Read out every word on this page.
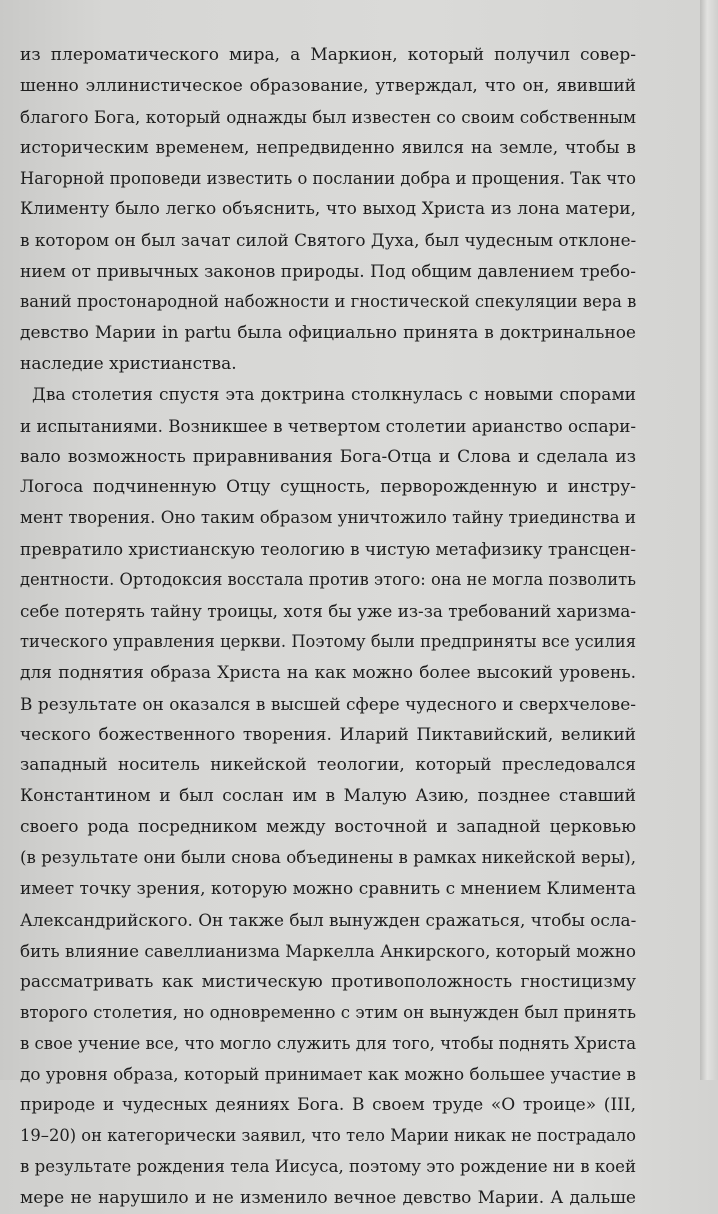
из плероматического мира, а Маркион, который получил совер-
шенно эллинистическое образование, утверждал, что он, явивший
благого Бога, который однажды был известен со своим собственным
историческим временем, непредвиденно явился на земле, чтобы в
Нагорной проповеди известить о послании добра и прощения. Так что
Клименту было легко объяснить, что выход Христа из лона матери,
в котором он был зачат силой Святого Духа, был чудесным отклоне-
нием от привычных законов природы. Под общим давлением требо-
ваний простонародной набожности и гностической спекуляции вера в
девство Марии in partu была официально принята в доктринальное
наследие христианства.
Два столетия спустя эта доктрина столкнулась с новыми спорами
и испытаниями. Возникшее в четвертом столетии арианство оспари-
вало возможность приравнивания Бога-Отца и Слова и сделала из
Логоса подчиненную Отцу сущность, перворожденную и инстру-
мент творения. Оно таким образом уничтожило тайну триединства и
превратило христианскую теологию в чистую метафизику трансцен-
дентности. Ортодоксия восстала против этого: она не могла позволить
себе потерять тайну троицы, хотя бы уже из-за требований харизма-
тического управления церкви. Поэтому были предприняты все усилия
для поднятия образа Христа на как можно более высокий уровень.
В результате он оказался в высшей сфере чудесного и сверхчелове-
ческого божественного творения. Иларий Пиктавийский, великий
западный носитель никейской теологии, который преследовался
Константином и был сослан им в Малую Азию, позднее ставший
своего рода посредником между восточной и западной церковью
(в результате они были снова объединены в рамках никейской веры),
имеет точку зрения, которую можно сравнить с мнением Климента
Александрийского. Он также был вынужден сражаться, чтобы осла-
бить влияние савеллианизма Маркелла Анкирского, который можно
рассматривать как мистическую противоположность гностицизму
второго столетия, но одновременно с этим он вынужден был принять
в свое учение все, что могло служить для того, чтобы поднять Христа
до уровня образа, который принимает как можно большее участие в
природе и чудесных деяниях Бога. В своем труде «О троице» (III,
19–20) он категорически заявил, что тело Марии никак не пострадало
в результате рождения тела Иисуса, поэтому это рождение ни в коей
мере не нарушило и не изменило вечное девство Марии. А дальше
